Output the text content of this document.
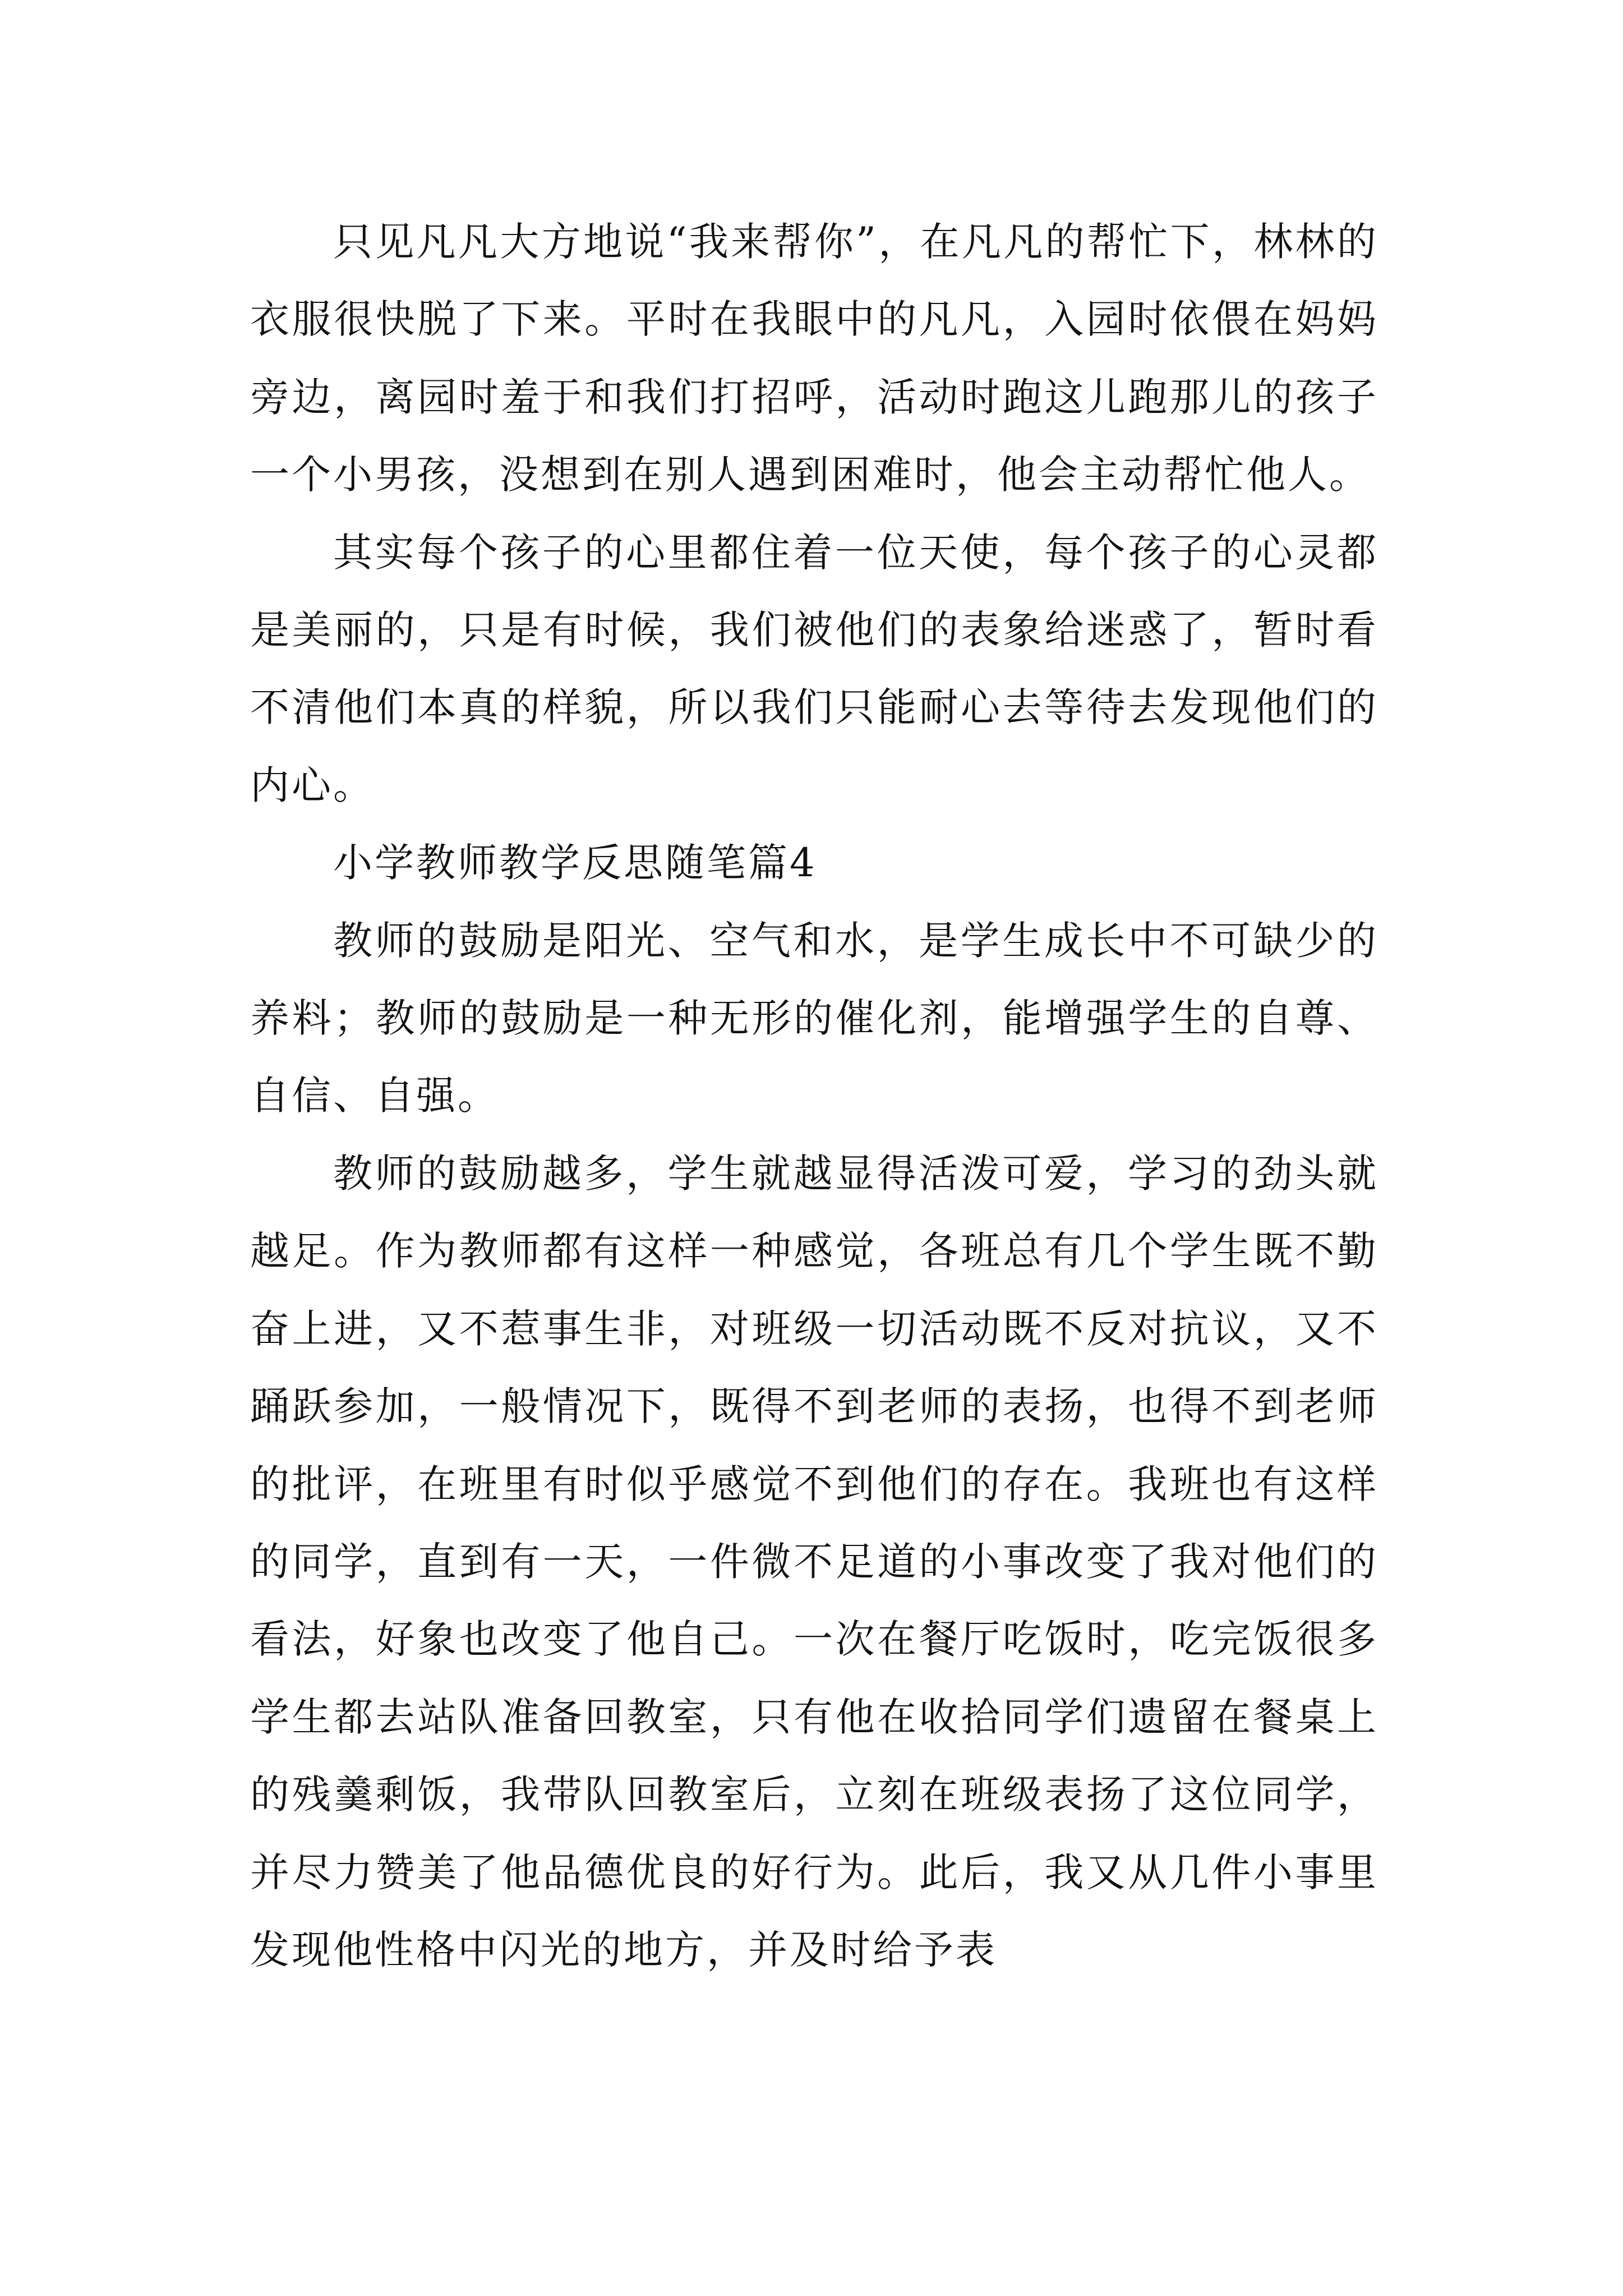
只见凡凡大方地说“我来帮你”，在凡凡的帮忙下，林林的衣服很快脱了下来。平时在我眼中的凡凡，入园时依偎在妈妈旁边，离园时羞于和我们打招呼，活动时跑这儿跑那儿的孩子一个小男孩，没想到在别人遇到困难时，他会主动帮忙他人。

其实每个孩子的心里都住着一位天使，每个孩子的心灵都是美丽的，只是有时候，我们被他们的表象给迷惑了，暂时看不清他们本真的样貌，所以我们只能耐心去等待去发现他们的内心。

小学教师教学反思随笔篇4

教师的鼓励是阳光、空气和水，是学生成长中不可缺少的养料；教师的鼓励是一种无形的催化剂，能增强学生的自尊、自信、自强。

教师的鼓励越多，学生就越显得活泼可爱，学习的劲头就越足。作为教师都有这样一种感觉，各班总有几个学生既不勤奋上进，又不惹事生非，对班级一切活动既不反对抗议，又不踊跃参加，一般情况下，既得不到老师的表扬，也得不到老师的批评，在班里有时似乎感觉不到他们的存在。我班也有这样的同学，直到有一天，一件微不足道的小事改变了我对他们的看法，好象也改变了他自己。一次在餐厅吃饭时，吃完饭很多学生都去站队准备回教室，只有他在收拾同学们遗留在餐桌上的残羹剩饭，我带队回教室后，立刻在班级表扬了这位同学，并尽力赞美了他品德优良的好行为。此后，我又从几件小事里发现他性格中闪光的地方，并及时给予表
